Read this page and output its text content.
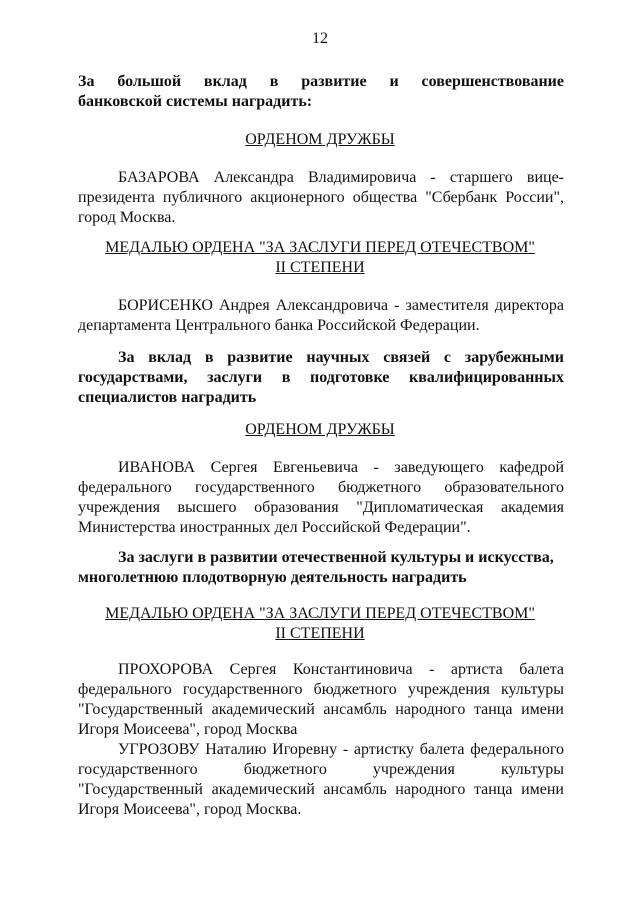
12
За большой вклад в развитие и совершенствование
банковской системы наградить:
ОРДЕНОМ ДРУЖБЫ
БАЗАРОВА Александра Владимировича - старшего вице-
президента публичного акционерного общества "Сбербанк России",
город Москва.
МЕДАЛЬЮ ОРДЕНА "ЗА ЗАСЛУГИ ПЕРЕД ОТЕЧЕСТВОМ"
II СТЕПЕНИ
БОРИСЕНКО Андрея Александровича - заместителя директора
департамента Центрального банка Российской Федерации.
За вклад в развитие научных связей с зарубежными
государствами, заслуги в подготовке квалифицированных
специалистов наградить
ОРДЕНОМ ДРУЖБЫ
ИВАНОВА Сергея Евгеньевича - заведующего кафедрой
федерального государственного бюджетного образовательного
учреждения высшего образования "Дипломатическая академия
Министерства иностранных дел Российской Федерации".
За заслуги в развитии отечественной культуры и искусства,
многолетнюю плодотворную деятельность наградить
МЕДАЛЬЮ ОРДЕНА "ЗА ЗАСЛУГИ ПЕРЕД ОТЕЧЕСТВОМ"
II СТЕПЕНИ
ПРОХОРОВА Сергея Константиновича - артиста балета
федерального государственного бюджетного учреждения культуры
"Государственный академический ансамбль народного танца имени
Игоря Моисеева", город Москва
УГРОЗОВУ Наталию Игоревну - артистку балета федерального
государственного бюджетного учреждения культуры
"Государственный академический ансамбль народного танца имени
Игоря Моисеева", город Москва.
